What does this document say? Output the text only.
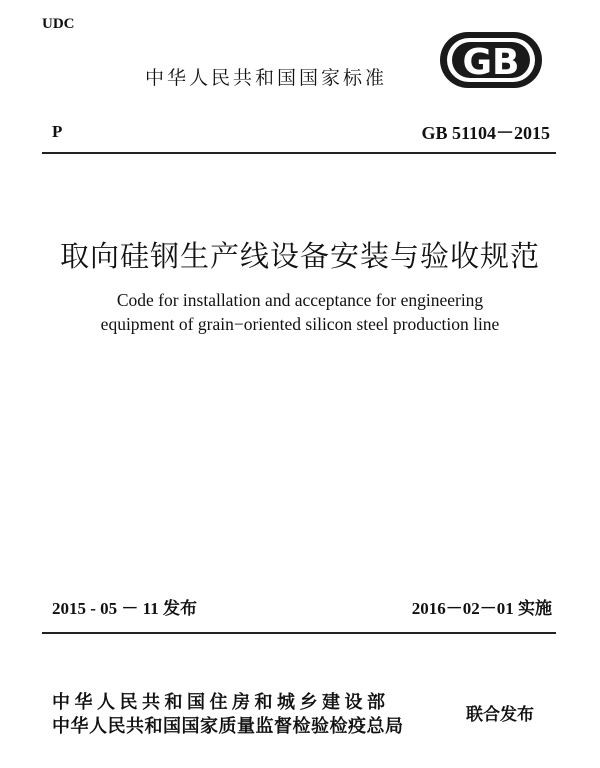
UDC
中华人民共和国国家标准 GB
P	GB 51104－2015
取向硅钢生产线设备安装与验收规范
Code for installation and acceptance for engineering
equipment of grain−oriented silicon steel production line
2015 - 05 － 11 发布	2016－02－01 实施
中华人民共和国住房和城乡建设部
中华人民共和国国家质量监督检验检疫总局
联合发布
